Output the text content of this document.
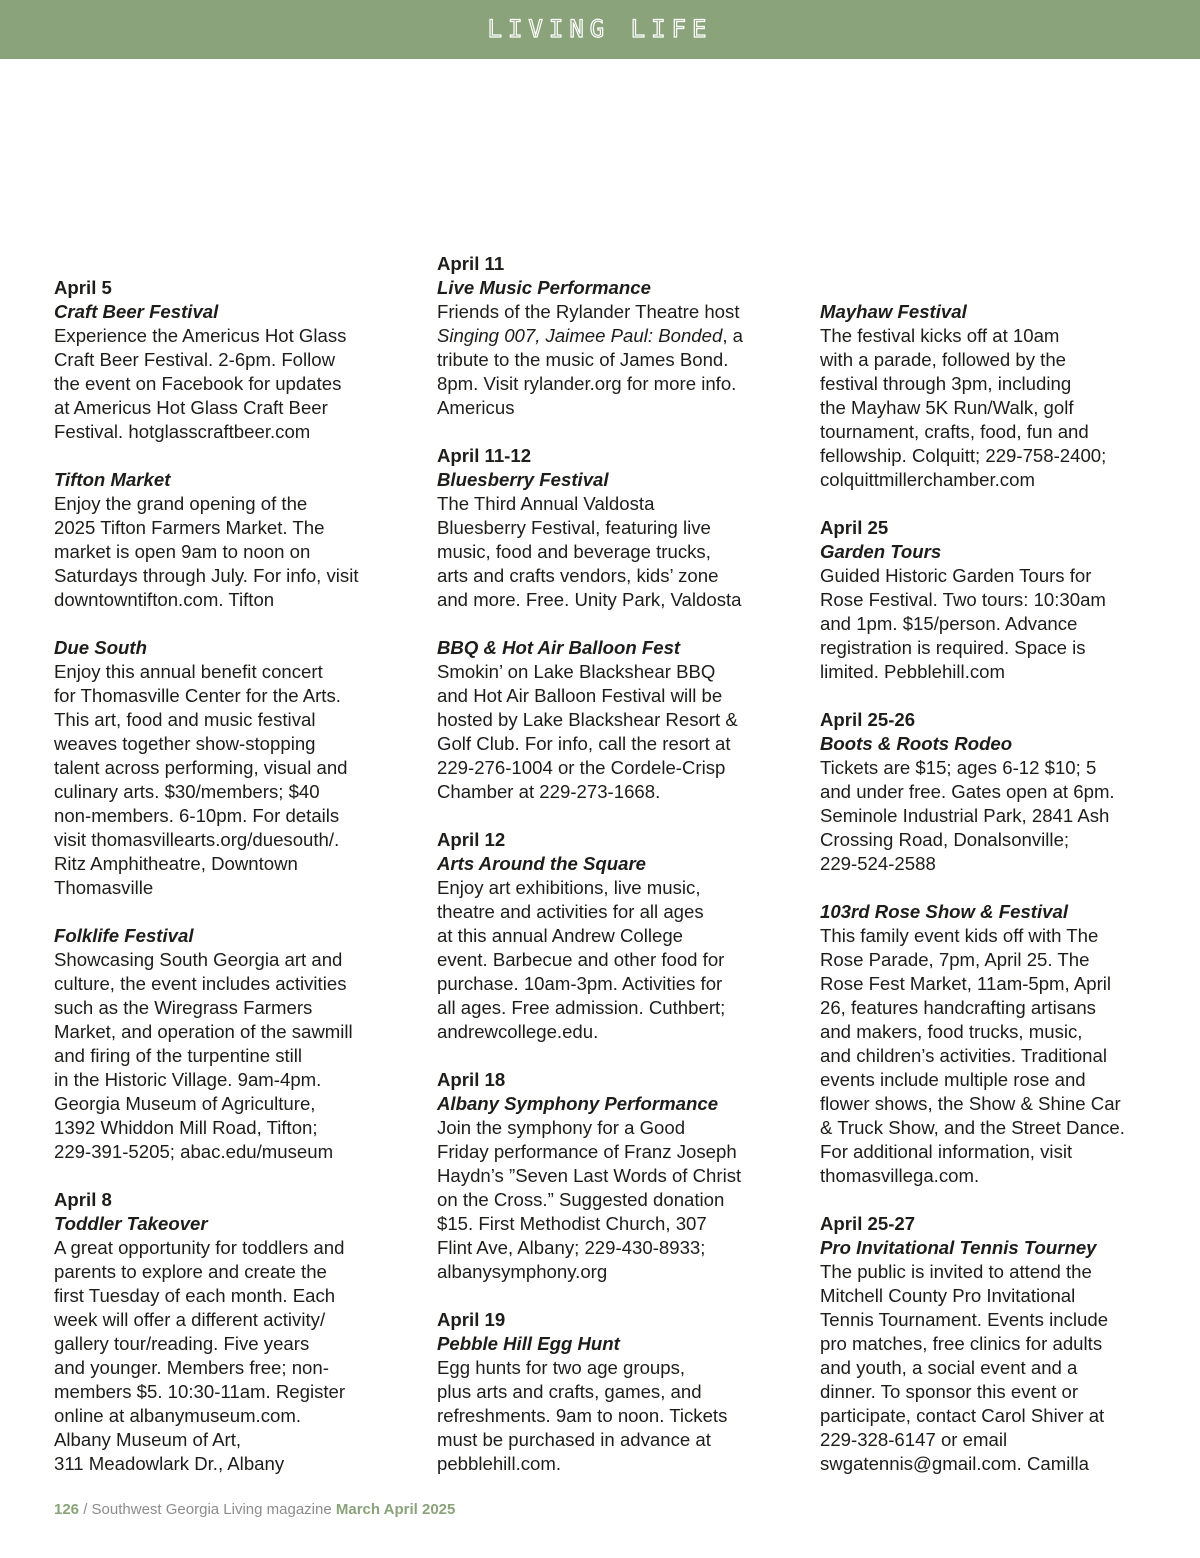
LIVING LIFE
April 5
Craft Beer Festival
Experience the Americus Hot Glass
Craft Beer Festival. 2-6pm. Follow
the event on Facebook for updates
at Americus Hot Glass Craft Beer
Festival. hotglasscraftbeer.com
Tifton Market
Enjoy the grand opening of the
2025 Tifton Farmers Market. The
market is open 9am to noon on
Saturdays through July. For info, visit
downtowntifton.com. Tifton
Due South
Enjoy this annual benefit concert
for Thomasville Center for the Arts.
This art, food and music festival
weaves together show-stopping
talent across performing, visual and
culinary arts. $30/members; $40
non-members. 6-10pm. For details
visit thomasvillearts.org/duesouth/.
Ritz Amphitheatre, Downtown
Thomasville
Folklife Festival
Showcasing South Georgia art and
culture, the event includes activities
such as the Wiregrass Farmers
Market, and operation of the sawmill
and firing of the turpentine still
in the Historic Village. 9am-4pm.
Georgia Museum of Agriculture,
1392 Whiddon Mill Road, Tifton;
229-391-5205; abac.edu/museum
April 8
Toddler Takeover
A great opportunity for toddlers and
parents to explore and create the
first Tuesday of each month. Each
week will offer a different activity/
gallery tour/reading. Five years
and younger. Members free; non-
members $5. 10:30-11am. Register
online at albanymuseum.com.
Albany Museum of Art,
311 Meadowlark Dr., Albany
April 11
Live Music Performance
Friends of the Rylander Theatre host
Singing 007, Jaimee Paul: Bonded, a
tribute to the music of James Bond.
8pm. Visit rylander.org for more info.
Americus
April 11-12
Bluesberry Festival
The Third Annual Valdosta
Bluesberry Festival, featuring live
music, food and beverage trucks,
arts and crafts vendors, kids’ zone
and more. Free. Unity Park, Valdosta
BBQ & Hot Air Balloon Fest
Smokin’ on Lake Blackshear BBQ
and Hot Air Balloon Festival will be
hosted by Lake Blackshear Resort &
Golf Club. For info, call the resort at
229-276-1004 or the Cordele-Crisp
Chamber at 229-273-1668.
April 12
Arts Around the Square
Enjoy art exhibitions, live music,
theatre and activities for all ages
at this annual Andrew College
event. Barbecue and other food for
purchase. 10am-3pm. Activities for
all ages. Free admission. Cuthbert;
andrewcollege.edu.
April 18
Albany Symphony Performance
Join the symphony for a Good
Friday performance of Franz Joseph
Haydn’s ”Seven Last Words of Christ
on the Cross.” Suggested donation
$15. First Methodist Church, 307
Flint Ave, Albany; 229-430-8933;
albanysymphony.org
April 19
Pebble Hill Egg Hunt
Egg hunts for two age groups,
plus arts and crafts, games, and
refreshments. 9am to noon. Tickets
must be purchased in advance at
pebblehill.com.
Mayhaw Festival
The festival kicks off at 10am
with a parade, followed by the
festival through 3pm, including
the Mayhaw 5K Run/Walk, golf
tournament, crafts, food, fun and
fellowship. Colquitt; 229-758-2400;
colquittmillerchamber.com
April 25
Garden Tours
Guided Historic Garden Tours for
Rose Festival. Two tours: 10:30am
and 1pm. $15/person. Advance
registration is required. Space is
limited. Pebblehill.com
April 25-26
Boots & Roots Rodeo
Tickets are $15; ages 6-12 $10; 5
and under free. Gates open at 6pm.
Seminole Industrial Park, 2841 Ash
Crossing Road, Donalsonville;
229-524-2588
103rd Rose Show & Festival
This family event kids off with The
Rose Parade, 7pm, April 25. The
Rose Fest Market, 11am-5pm, April
26, features handcrafting artisans
and makers, food trucks, music,
and children’s activities. Traditional
events include multiple rose and
flower shows, the Show & Shine Car
& Truck Show, and the Street Dance.
For additional information, visit
thomasvillega.com.
April 25-27
Pro Invitational Tennis Tourney
The public is invited to attend the
Mitchell County Pro Invitational
Tennis Tournament. Events include
pro matches, free clinics for adults
and youth, a social event and a
dinner. To sponsor this event or
participate, contact Carol Shiver at
229-328-6147 or email
swgatennis@gmail.com. Camilla
126 / Southwest Georgia Living magazine March April 2025
